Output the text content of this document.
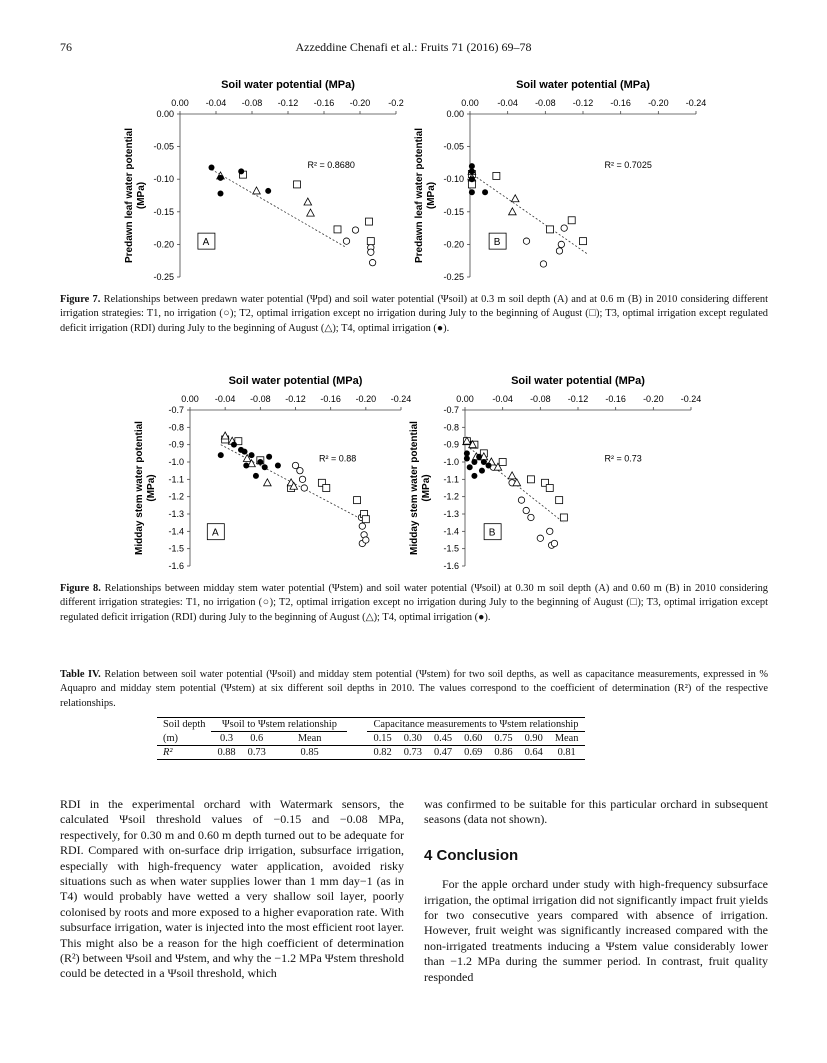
76	Azzeddine Chenafi et al.: Fruits 71 (2016) 69–78
Soil water potential (MPa)
0.00 -0.04 -0.08 -0.12 -0.16 -0.20 -0.2
0.00
-0.05
-0.10
-0.15
-0.20
-0.25
Predawn leaf water potential(MPa)
R² = 0.8680
A
Soil water potential (MPa)
0.00 -0.04 -0.08 -0.12 -0.16 -0.20 -0.24
0.00
-0.05
-0.10
-0.15
-0.20
-0.25
Predawn leaf water potential(MPa)
R² = 0.7025
B
Figure 7. Relationships between predawn water potential (Ψpd) and soil water potential (Ψsoil) at 0.3 m soil depth (A) and at 0.6 m (B) in 2010 considering different irrigation strategies: T1, no irrigation (○); T2, optimal irrigation except no irrigation during July to the beginning of August (□); T3, optimal irrigation except regulated deficit irrigation (RDI) during July to the beginning of August (△); T4, optimal irrigation (●).
Soil water potential (MPa)
0.00 -0.04 -0.08 -0.12 -0.16 -0.20 -0.24
-0.7
-0.8
-0.9
-1.0
-1.1
-1.2
-1.3
-1.4
-1.5
-1.6
Midday stem water potential(MPa)
R² = 0.88
A
Soil water potential (MPa)
0.00 -0.04 -0.08 -0.12 -0.16 -0.20 -0.24
-0.7
-0.8
-0.9
-1.0
-1.1
-1.2
-1.3
-1.4
-1.5
-1.6
Midday stem water potential(MPa)
R² = 0.73
B
Figure 8. Relationships between midday stem water potential (Ψstem) and soil water potential (Ψsoil) at 0.30 m soil depth (A) and 0.60 m (B) in 2010 considering different irrigation strategies: T1, no irrigation (○); T2, optimal irrigation except no irrigation during July to the beginning of August (□); T3, optimal irrigation except regulated deficit irrigation (RDI) during July to the beginning of August (△); T4, optimal irrigation (●).
Table IV. Relation between soil water potential (Ψsoil) and midday stem potential (Ψstem) for two soil depths, as well as capacitance measurements, expressed in % Aquapro and midday stem potential (Ψstem) at six different soil depths in 2010. The values correspond to the coefficient of determination (R²) of the respective relationships.
Soil depth	Ψsoil to Ψstem relationship				Capacitance measurements to Ψstem relationship						
(m)	0.3	0.6	Mean		0.15	0.30	0.45	0.60	0.75	0.90	Mean
R²	0.88	0.73	0.85		0.82	0.73	0.47	0.69	0.86	0.64	0.81

RDI in the experimental orchard with Watermark sensors, the calculated Ψsoil threshold values of −0.15 and −0.08 MPa, respectively, for 0.30 m and 0.60 m depth turned out to be adequate for RDI. Compared with on-surface drip irrigation, subsurface irrigation, especially with high-frequency water application, avoided risky situations such as when water supplies lower than 1 mm day−1 (as in T4) would probably have wetted a very shallow soil layer, poorly colonised by roots and more exposed to a higher evaporation rate. With subsurface irrigation, water is injected into the most efficient root layer. This might also be a reason for the high coefficient of determination (R²) between Ψsoil and Ψstem, and why the −1.2 MPa Ψstem threshold could be detected in a Ψsoil threshold, which

was confirmed to be suitable for this particular orchard in subsequent seasons (data not shown).

4 Conclusion

For the apple orchard under study with high-frequency subsurface irrigation, the optimal irrigation did not significantly impact fruit yields for two consecutive years compared with absence of irrigation. However, fruit weight was significantly increased compared with the non-irrigated treatments inducing a Ψstem value considerably lower than −1.2 MPa during the summer period. In contrast, fruit quality responded
